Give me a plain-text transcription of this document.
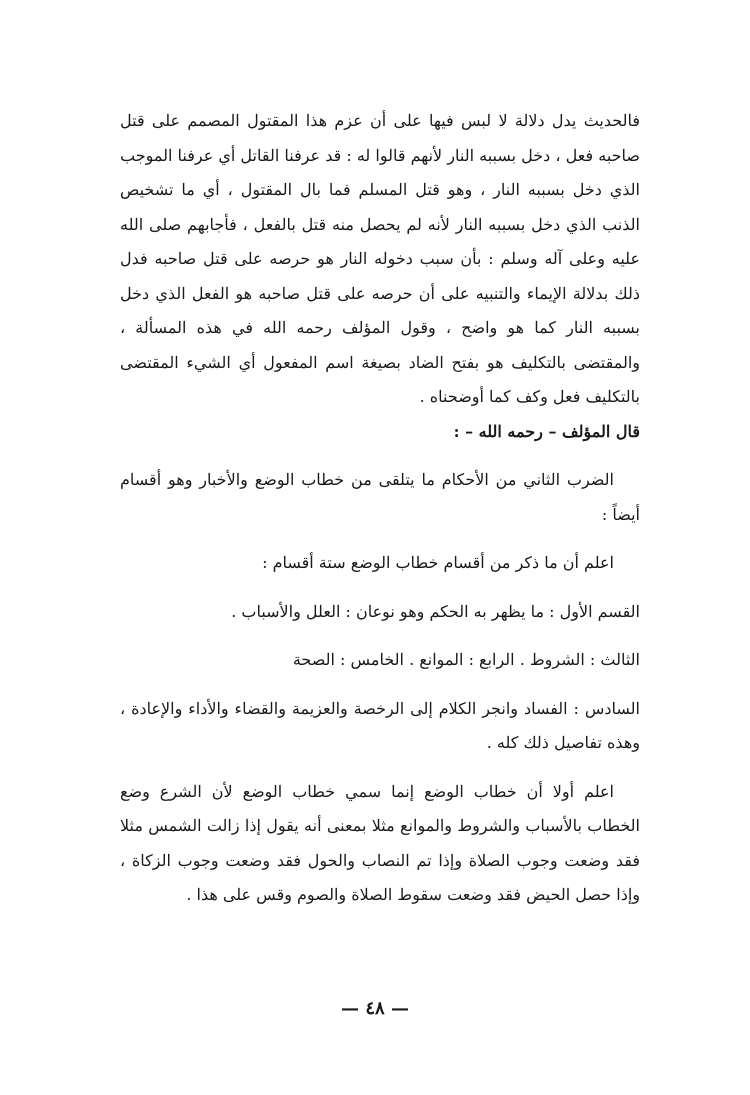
فالحديث يدل دلالة لا لبس فيها على أن عزم هذا المقتول المصمم على قتل صاحبه فعل ، دخل بسببه النار لأنهم قالوا له : قد عرفنا القاتل أي عرفنا الموجب الذي دخل بسببه النار ، وهو قتل المسلم فما بال المقتول ، أي ما تشخيص الذنب الذي دخل بسببه النار لأنه لم يحصل منه قتل بالفعل ، فأجابهم صلى الله عليه وعلى آله وسلم : بأن سبب دخوله النار هو حرصه على قتل صاحبه فدل ذلك بدلالة الإيماء والتنبيه على أن حرصه على قتل صاحبه هو الفعل الذي دخل بسببه النار كما هو واضح ، وقول المؤلف رحمه الله في هذه المسألة ، والمقتضى بالتكليف هو بفتح الضاد بصيغة اسم المفعول أي الشيء المقتضى بالتكليف فعل وكف كما أوضحناه .

قال المؤلف – رحمه الله – :

الضرب الثاني من الأحكام ما يتلقى من خطاب الوضع والأخبار وهو أقسام أيضاً :

اعلم أن ما ذكر من أقسام خطاب الوضع ستة أقسام :

القسم الأول : ما يظهر به الحكم وهو نوعان : العلل والأسباب .

الثالث : الشروط . الرابع : الموانع . الخامس : الصحة

السادس : الفساد وانجر الكلام إلى الرخصة والعزيمة والقضاء والأداء والإعادة ، وهذه تفاصيل ذلك كله .

اعلم أولا أن خطاب الوضع إنما سمي خطاب الوضع لأن الشرع وضع الخطاب بالأسباب والشروط والموانع مثلا بمعنى أنه يقول إذا زالت الشمس مثلا فقد وضعت وجوب الصلاة وإذا تم النصاب والحول فقد وضعت وجوب الزكاة ، وإذا حصل الحيض فقد وضعت سقوط الصلاة والصوم وقس على هذا .

— ٤٨ —
